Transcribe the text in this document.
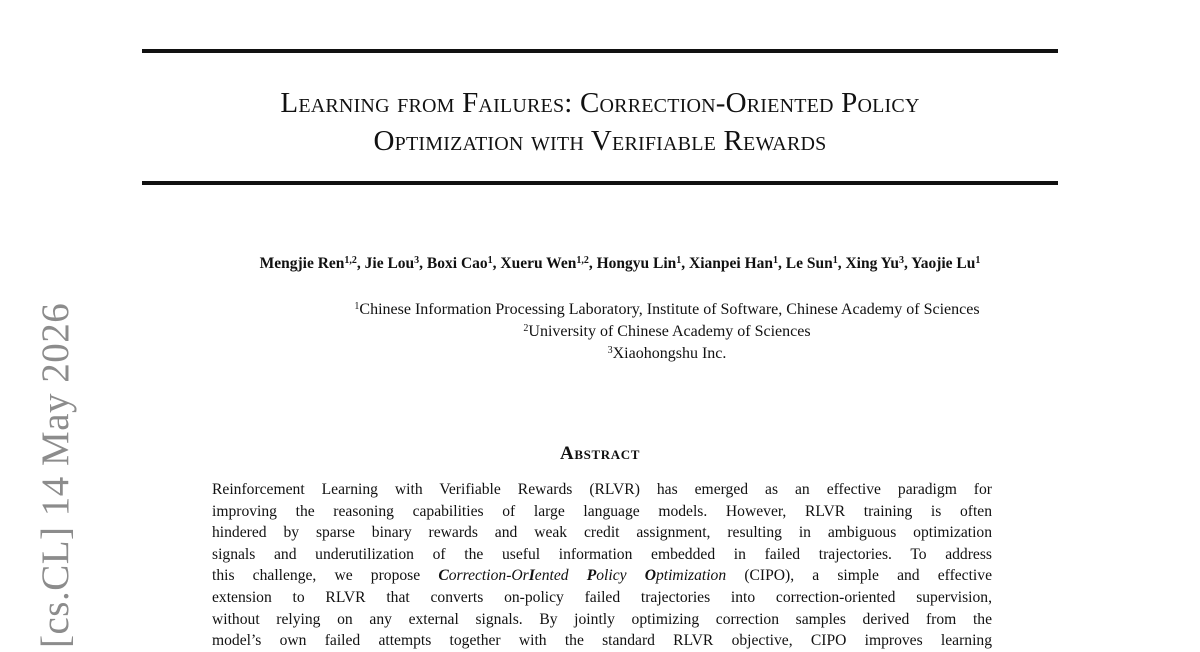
Learning from Failures: Correction-Oriented Policy
Optimization with Verifiable Rewards
Mengjie Ren$^{1,2}$, Jie Lou$^3$, Boxi Cao$^1$, Xueru Wen$^{1,2}$, Hongyu Lin$^1$, Xianpei Han$^1$, Le Sun$^1$, Xing Yu$^3$, Yaojie Lu$^1$
$^1$Chinese Information Processing Laboratory, Institute of Software, Chinese Academy of Sciences
$^2$University of Chinese Academy of Sciences
$^3$Xiaohongshu Inc.
Abstract
Reinforcement Learning with Verifiable Rewards (RLVR) has emerged as an effective paradigm for
improving the reasoning capabilities of large language models. However, RLVR training is often
hindered by sparse binary rewards and weak credit assignment, resulting in ambiguous optimization
signals and underutilization of the useful information embedded in failed trajectories. To address
this challenge, we propose Correction-OrIented Policy Optimization (CIPO), a simple and effective
extension to RLVR that converts on-policy failed trajectories into correction-oriented supervision,
without relying on any external signals. By jointly optimizing correction samples derived from the
model’s own failed attempts together with the standard RLVR objective, CIPO improves learning
[cs.CL] 14 May 2026
